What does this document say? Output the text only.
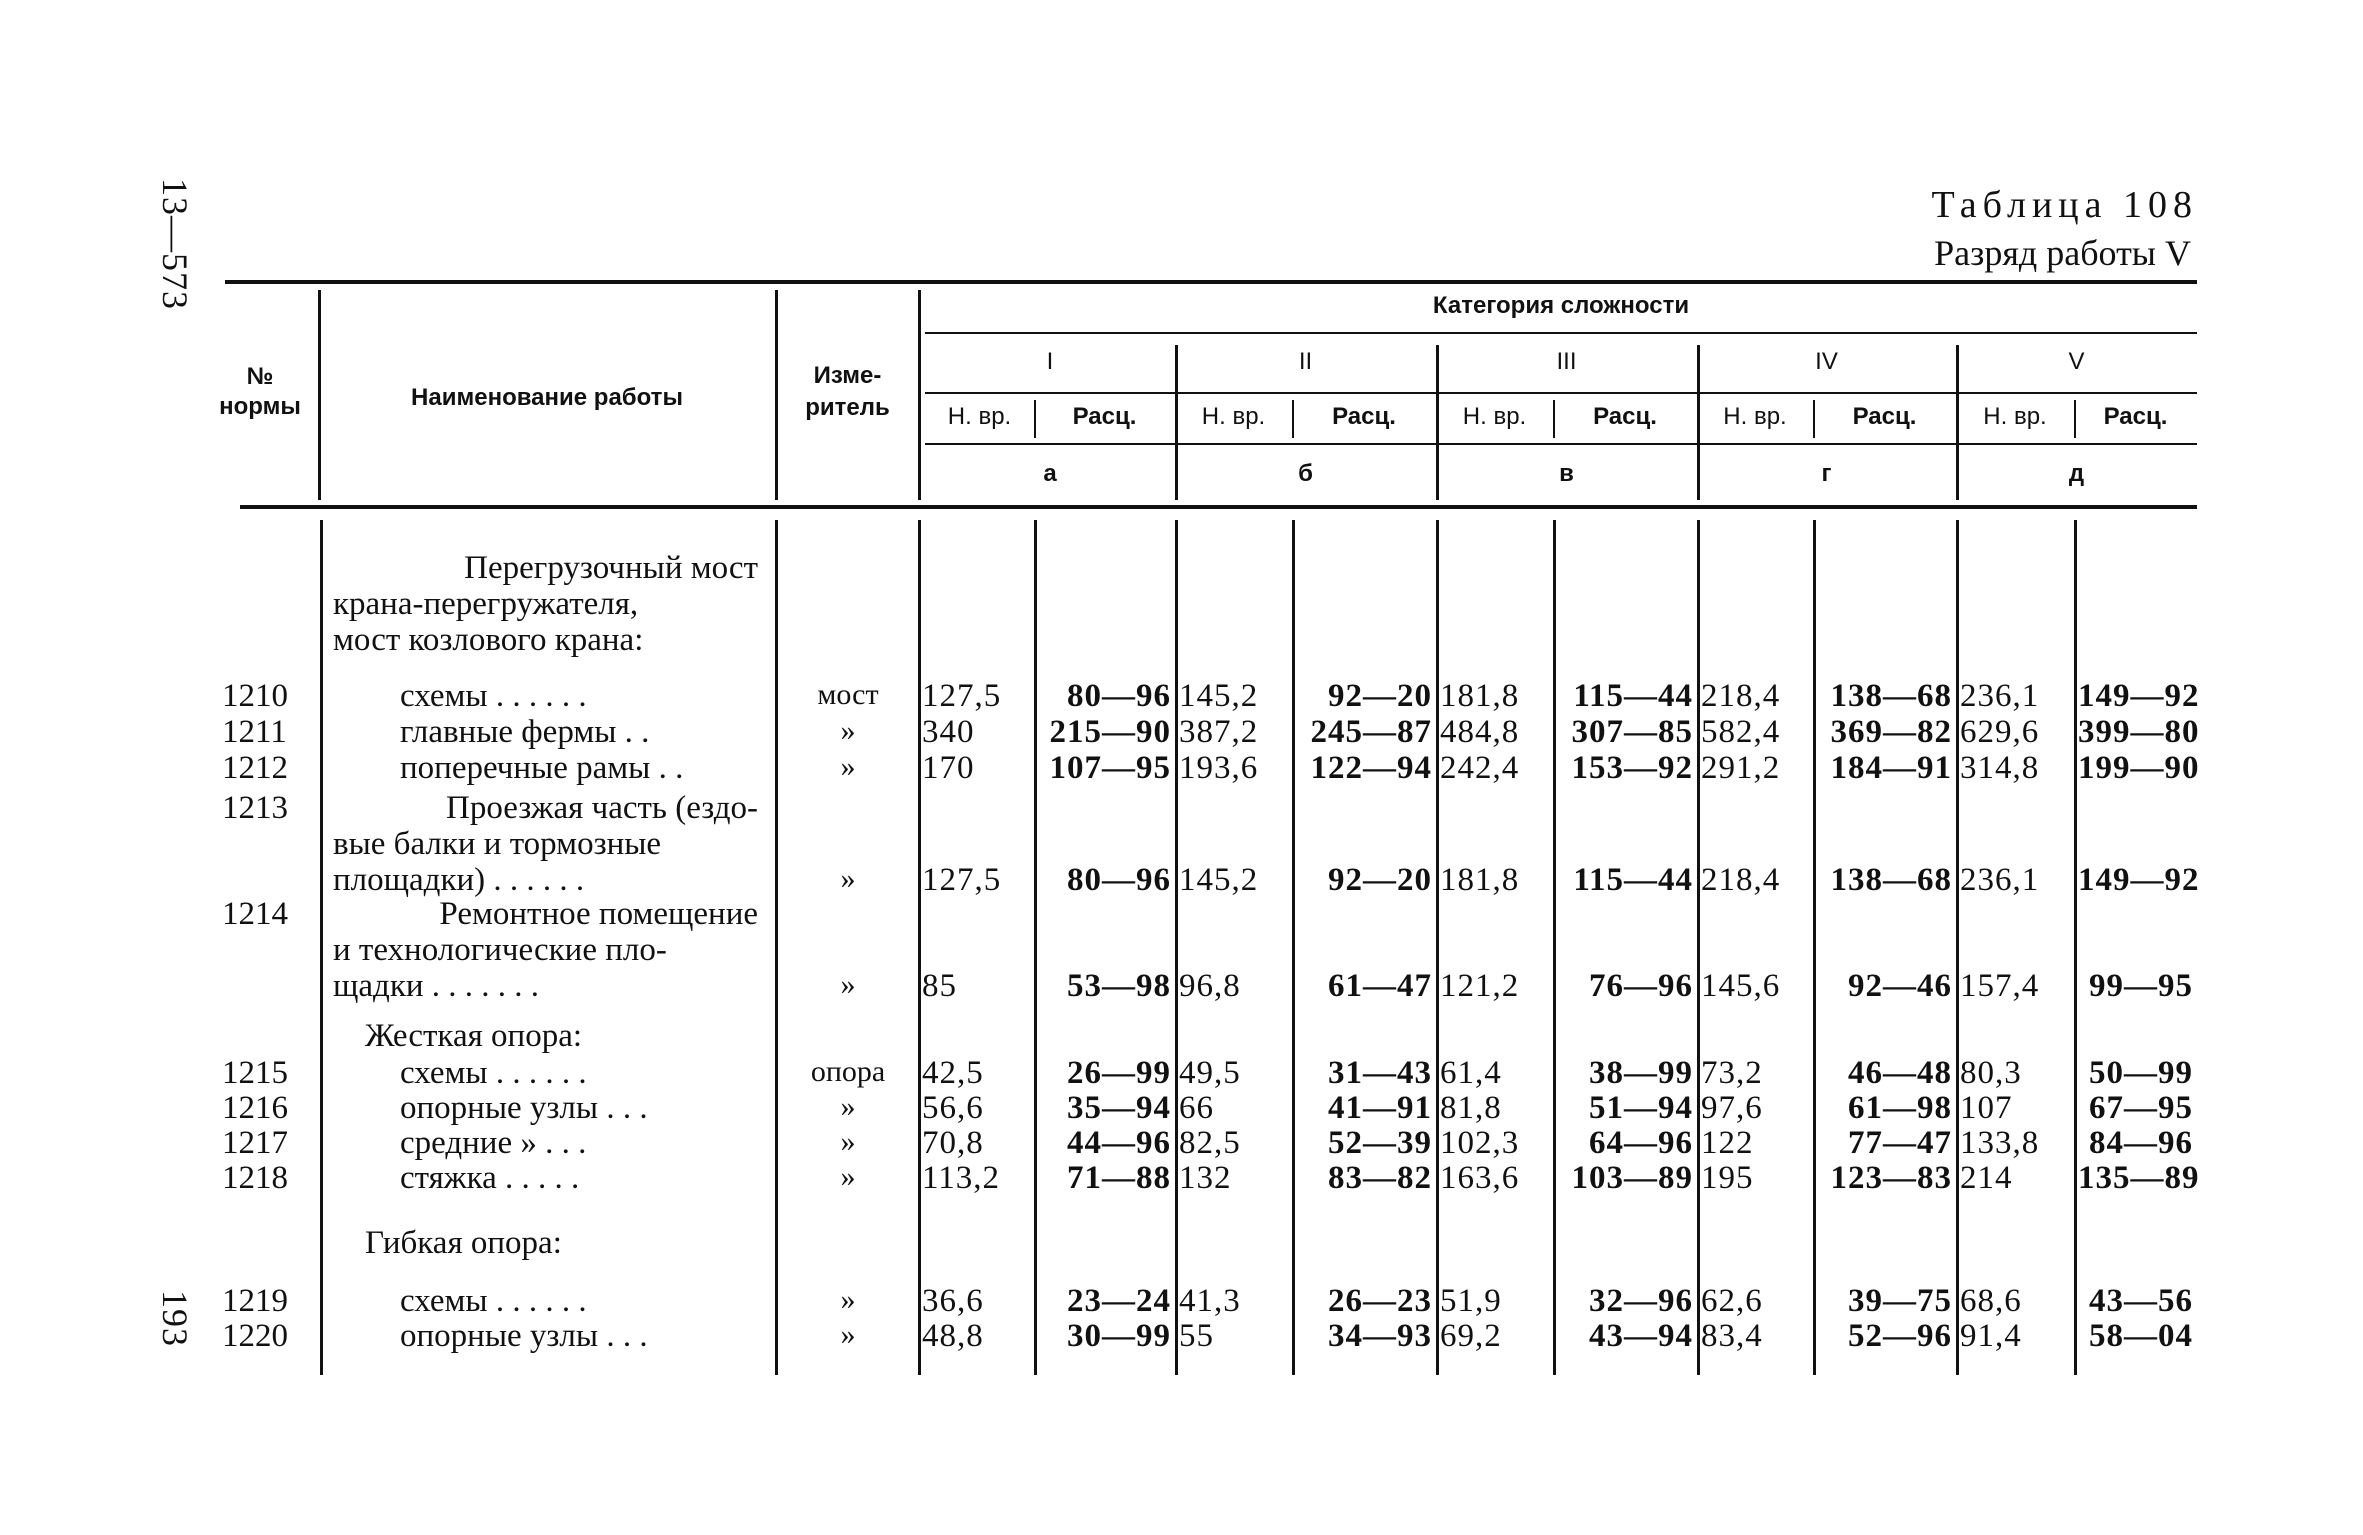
13—573
193
Таблица 108
Разряд работы V
№
нормы	Наименование работы
Изме-
ритель
Категория сложности
I
Н. вр.	Расц.
а
II
Н. вр.	Расц.
б
III
Н. вр.	Расц.
в
IV
Н. вр.	Расц.
г
V
Н. вр.	Расц.
д
Перегрузочный мост
крана-перегружателя,
мост козлового крана:
Жесткая опора:
Гибкая опора:
1210	схемы . . . . . .	мост	127,5	80—96 145,2	92—20 181,8	115—44 218,4	138—68 236,1	149—92
1211	главные фермы . .	»	340	215—90 387,2	245—87 484,8	307—85 582,4	369—82 629,6	399—80
1212	поперечные рамы . .	»	170	107—95 193,6	122—94 242,4	153—92 291,2	184—91 314,8	199—90
1213	Проезжая часть (ездо-
вые балки и тормозные
площадки) . . . . . .	»	127,5	80—96 145,2	92—20 181,8	115—44 218,4	138—68 236,1	149—92
1214	Ремонтное помещение
и технологические пло-
щадки . . . . . . .	»	85	53—98 96,8	61—47 121,2	76—96 145,6	92—46 157,4	99—95
1215	схемы . . . . . .	опора	42,5	26—99 49,5	31—43 61,4	38—99 73,2	46—48 80,3	50—99
1216	опорные узлы . . .	»	56,6	35—94 66	41—91 81,8	51—94 97,6	61—98 107	67—95
1217	средние » . . .	»	70,8	44—96 82,5	52—39 102,3	64—96 122	77—47 133,8	84—96
1218	стяжка . . . . .	»	113,2	71—88 132	83—82 163,6	103—89 195	123—83 214	135—89
1219	схемы . . . . . .	»	36,6	23—24 41,3	26—23 51,9	32—96 62,6	39—75 68,6	43—56
1220	опорные узлы . . .	»	48,8	30—99 55	34—93 69,2	43—94 83,4	52—96 91,4	58—04
